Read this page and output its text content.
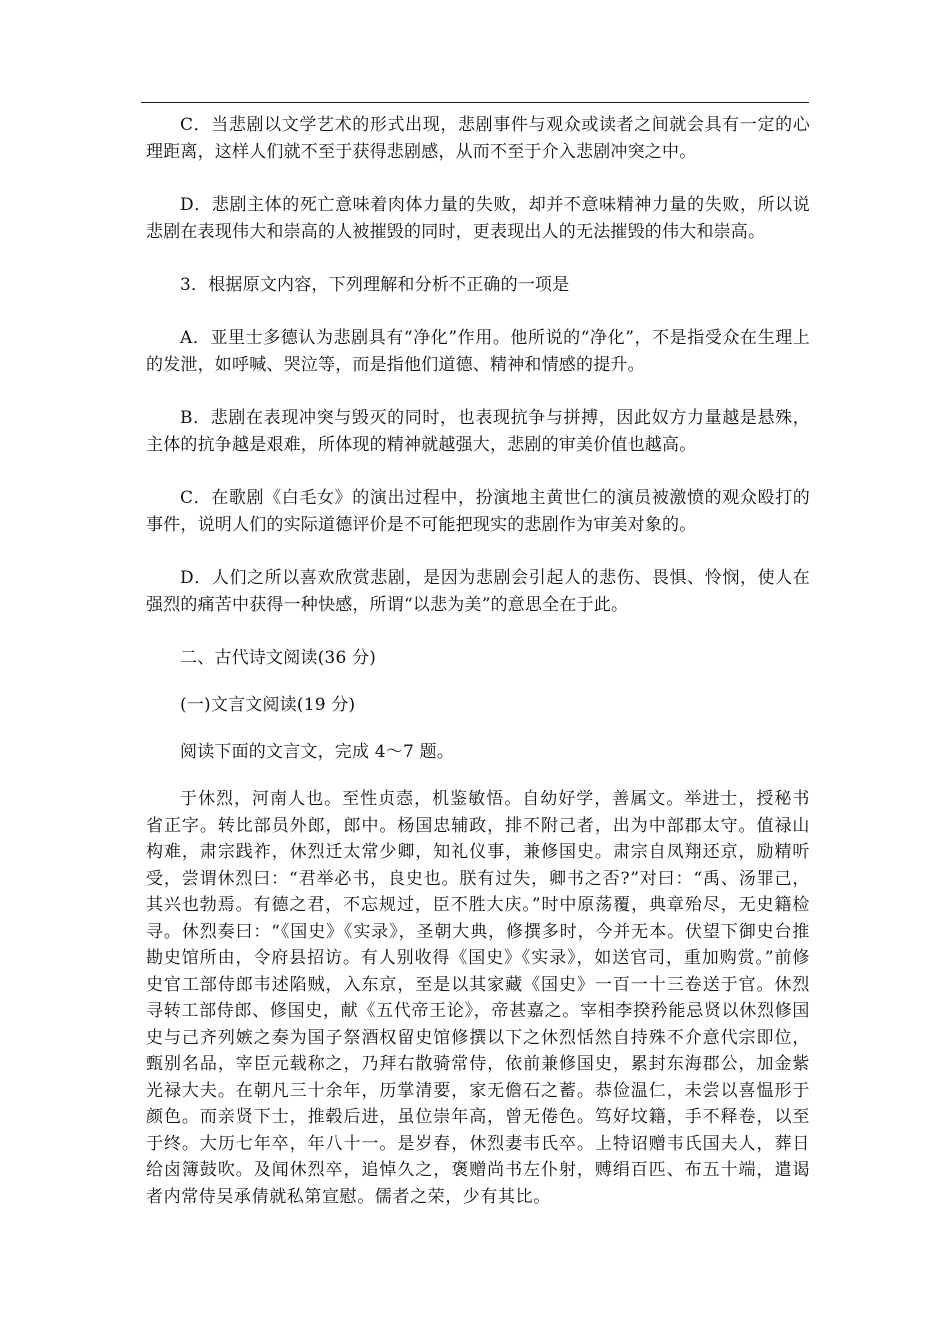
C．当悲剧以文学艺术的形式出现，悲剧事件与观众或读者之间就会具有一定的心理距离，这样人们就不至于获得悲剧感，从而不至于介入悲剧冲突之中。

D．悲剧主体的死亡意味着肉体力量的失败，却并不意味精神力量的失败，所以说悲剧在表现伟大和崇高的人被摧毁的同时，更表现出人的无法摧毁的伟大和崇高。

3．根据原文内容，下列理解和分析不正确的一项是

A．亚里士多德认为悲剧具有“净化”作用。他所说的“净化”，不是指受众在生理上的发泄，如呼喊、哭泣等，而是指他们道德、精神和情感的提升。

B．悲剧在表现冲突与毁灭的同时，也表现抗争与拼搏，因此奴方力量越是悬殊，主体的抗争越是艰难，所体现的精神就越强大，悲剧的审美价值也越高。

C．在歌剧《白毛女》的演出过程中，扮演地主黄世仁的演员被激愤的观众殴打的事件，说明人们的实际道德评价是不可能把现实的悲剧作为审美对象的。

D．人们之所以喜欢欣赏悲剧，是因为悲剧会引起人的悲伤、畏惧、怜悯，使人在强烈的痛苦中获得一种快感，所谓“以悲为美”的意思全在于此。

二、古代诗文阅读(36 分)

(一)文言文阅读(19 分)

阅读下面的文言文，完成 4～7 题。

于休烈，河南人也。至性贞悫，机鉴敏悟。自幼好学，善属文。举进士，授秘书省正字。转比部员外郎，郎中。杨国忠辅政，排不附己者，出为中部郡太守。值禄山构难，肃宗践祚，休烈迁太常少卿，知礼仪事，兼修国史。肃宗自凤翔还京，励精听受，尝谓休烈曰：“君举必书，良史也。朕有过失，卿书之否?”对曰：“禹、汤罪己，其兴也勃焉。有德之君，不忘规过，臣不胜大庆。”时中原荡覆，典章殆尽，无史籍检寻。休烈奏曰：“《国史》《实录》，圣朝大典，修撰多时，今并无本。伏望下御史台推勘史馆所由，令府县招访。有人别收得《国史》《实录》，如送官司，重加购赏。”前修史官工部侍郎韦述陷贼，入东京，至是以其家藏《国史》一百一十三卷送于官。休烈寻转工部侍郎、修国史，献《五代帝王论》，帝甚嘉之。宰相李揆矜能忌贤以休烈修国史与己齐列嫉之奏为国子祭酒权留史馆修撰以下之休烈恬然自持殊不介意代宗即位，甄别名品，宰臣元载称之，乃拜右散骑常侍，依前兼修国史，累封东海郡公，加金紫光禄大夫。在朝凡三十余年，历掌清要，家无儋石之蓄。恭俭温仁，未尝以喜愠形于颜色。而亲贤下士，推毂后进，虽位崇年高，曾无倦色。笃好坟籍，手不释卷，以至于终。大历七年卒，年八十一。是岁春，休烈妻韦氏卒。上特诏赠韦氏国夫人，葬日给卤簿鼓吹。及闻休烈卒，追悼久之，褒赠尚书左仆射，赙绢百匹、布五十端，遣谒者内常侍吴承倩就私第宣慰。儒者之荣，少有其比。
